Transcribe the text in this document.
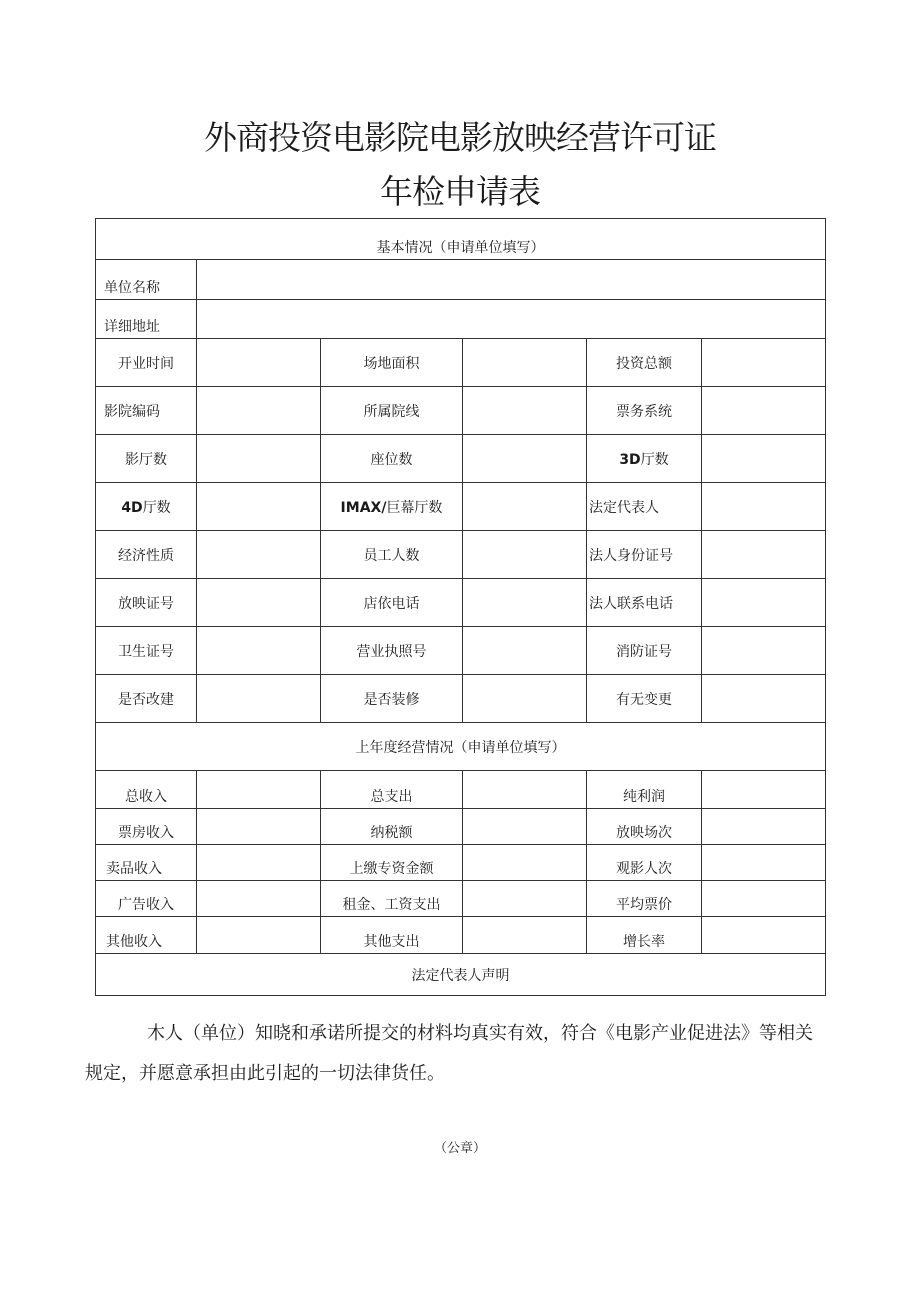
外商投资电影院电影放映经营许可证
年检申请表
基本情况（申请单位填写）					
单位名称					
详细地址					
开业时间		场地面积		投资总额	
影院编码		所属院线		票务系统	
影厅数		座位数		3D厅数	
4D厅数		IMAX/巨幕厅数		法定代表人	
经济性质		员工人数		法人身份证号	
放映证号		店依电话		法人联系电话	
卫生证号		营业执照号		消防证号	
是否改建		是否装修		有无变更	
上年度经营情况（申请单位填写）					
总收入		总支出		纯利润	
票房收入		纳税额		放映场次	
卖品收入		上缴专资金额		观影人次	
广告收入		租金、工资支出		平均票价	
其他收入		其他支出		增长率	
法定代表人声明					
木人（单位）知晓和承诺所提交的材料均真实有效，符合《电影产业促进法》等相关规定，并愿意承担由此引起的一切法律货任。
（公章）
